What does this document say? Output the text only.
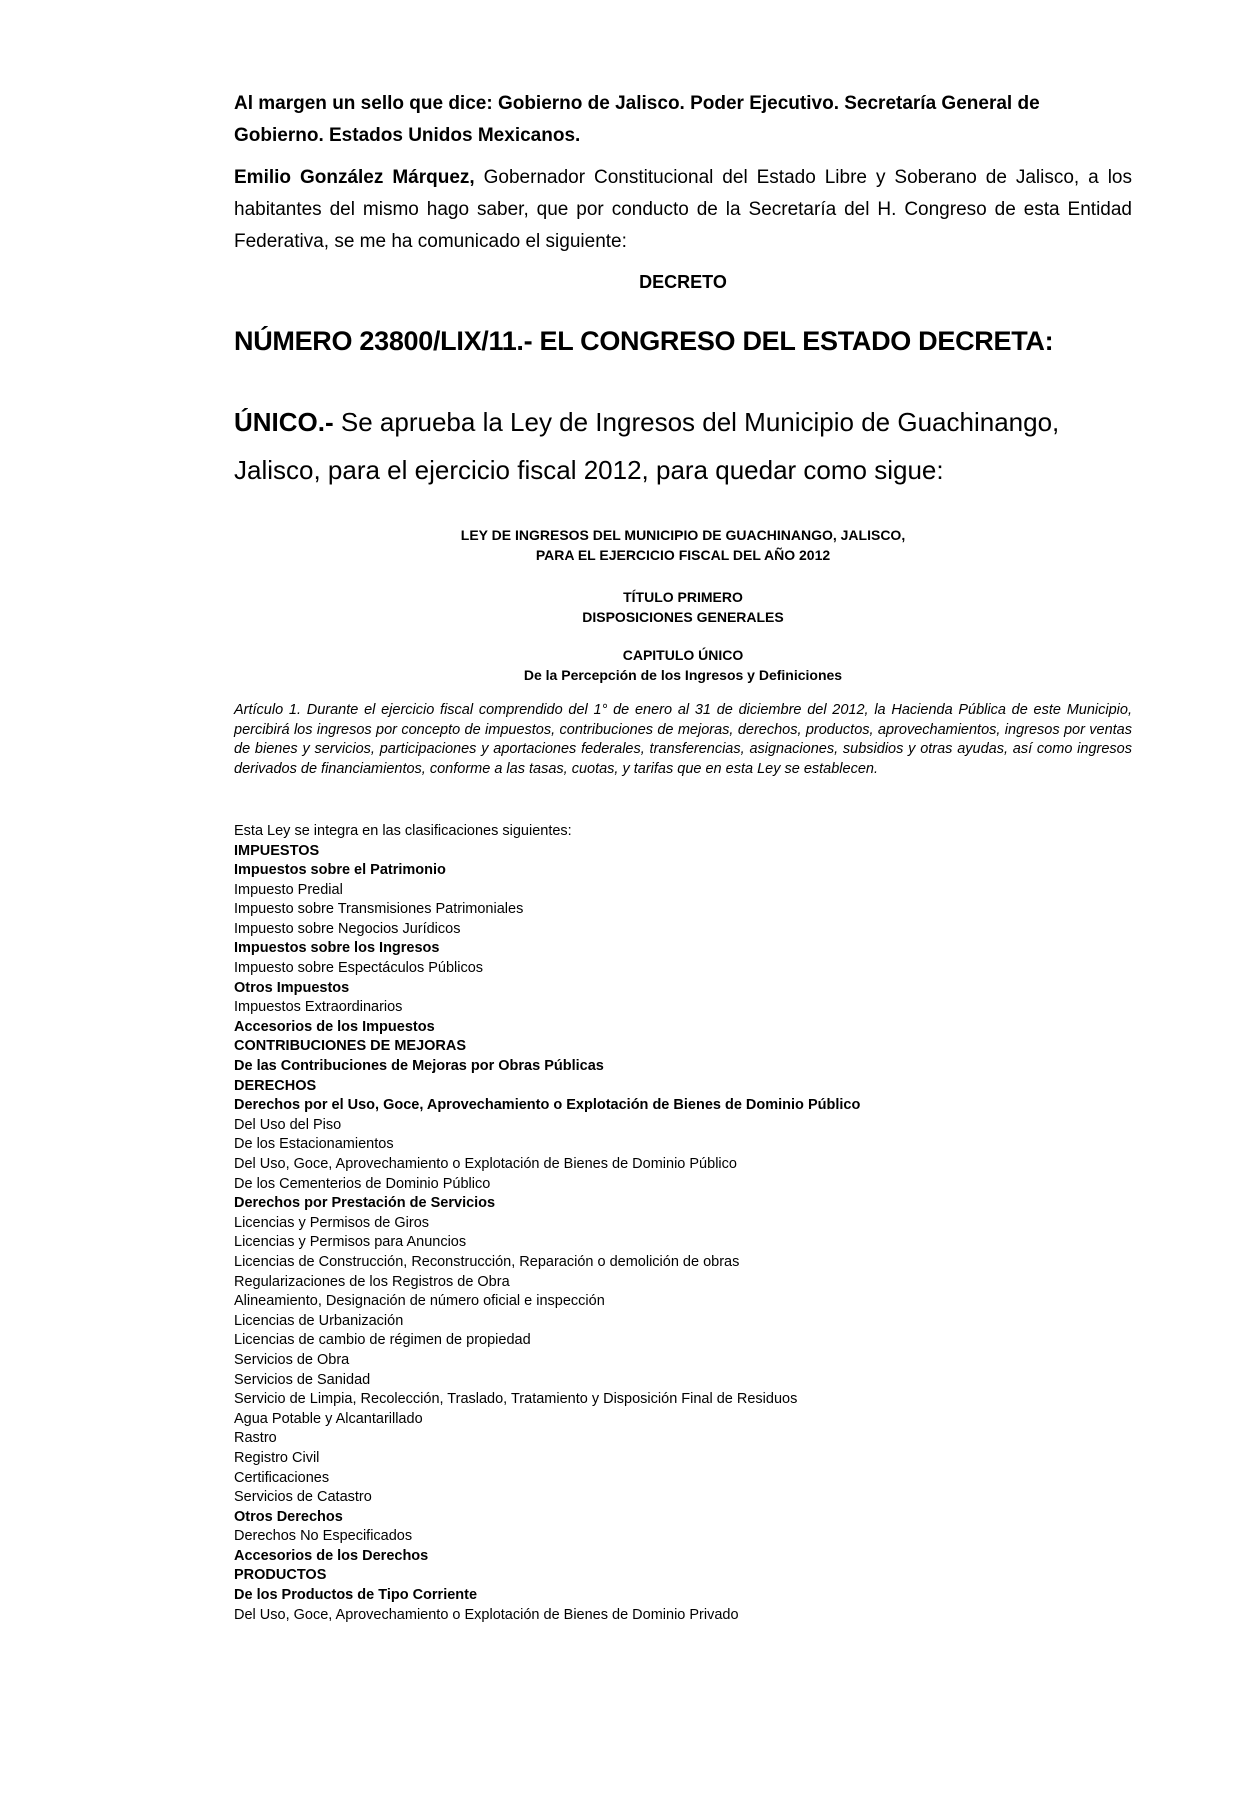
Al margen un sello que dice: Gobierno de Jalisco. Poder Ejecutivo. Secretaría General de Gobierno. Estados Unidos Mexicanos.
Emilio González Márquez, Gobernador Constitucional del Estado Libre y Soberano de Jalisco, a los habitantes del mismo hago saber, que por conducto de la Secretaría del H. Congreso de esta Entidad Federativa, se me ha comunicado el siguiente:
DECRETO
NÚMERO 23800/LIX/11.- EL CONGRESO DEL ESTADO DECRETA:
ÚNICO.- Se aprueba la Ley de Ingresos del Municipio de Guachinango, Jalisco, para el ejercicio fiscal 2012, para quedar como sigue:
LEY DE INGRESOS DEL MUNICIPIO DE GUACHINANGO, JALISCO,
PARA EL EJERCICIO FISCAL DEL AÑO 2012
TÍTULO PRIMERO
DISPOSICIONES GENERALES
CAPITULO ÚNICO
De la Percepción de los Ingresos y Definiciones
Artículo 1. Durante el ejercicio fiscal comprendido del 1° de enero al 31 de diciembre del 2012, la Hacienda Pública de este Municipio, percibirá los ingresos por concepto de impuestos, contribuciones de mejoras, derechos, productos, aprovechamientos, ingresos por ventas de bienes y servicios, participaciones y aportaciones federales, transferencias, asignaciones, subsidios y otras ayudas, así como ingresos derivados de financiamientos, conforme a las tasas, cuotas, y tarifas que en esta Ley se establecen.
Esta Ley se integra en las clasificaciones siguientes:
IMPUESTOS
Impuestos sobre el Patrimonio
Impuesto Predial
Impuesto sobre Transmisiones Patrimoniales
Impuesto sobre Negocios Jurídicos
Impuestos sobre los Ingresos
Impuesto sobre Espectáculos Públicos
Otros Impuestos
Impuestos Extraordinarios
Accesorios de los Impuestos
CONTRIBUCIONES DE MEJORAS
De las Contribuciones de Mejoras por Obras Públicas
DERECHOS
Derechos por el Uso, Goce, Aprovechamiento o Explotación de Bienes de Dominio Público
Del Uso del Piso
De los Estacionamientos
Del Uso, Goce, Aprovechamiento o Explotación de Bienes de Dominio Público
De los Cementerios de Dominio Público
Derechos por Prestación de Servicios
Licencias y Permisos de Giros
Licencias y Permisos para Anuncios
Licencias de Construcción, Reconstrucción, Reparación o demolición de obras
Regularizaciones de los Registros de Obra
Alineamiento, Designación de número oficial e inspección
Licencias de Urbanización
Licencias de cambio de régimen de propiedad
Servicios de Obra
Servicios de Sanidad
Servicio de Limpia, Recolección, Traslado, Tratamiento y Disposición Final de Residuos
Agua Potable y Alcantarillado
Rastro
Registro Civil
Certificaciones
Servicios de Catastro
Otros Derechos
Derechos No Especificados
Accesorios de los Derechos
PRODUCTOS
De los Productos de Tipo Corriente
Del Uso, Goce, Aprovechamiento o Explotación de Bienes de Dominio Privado
